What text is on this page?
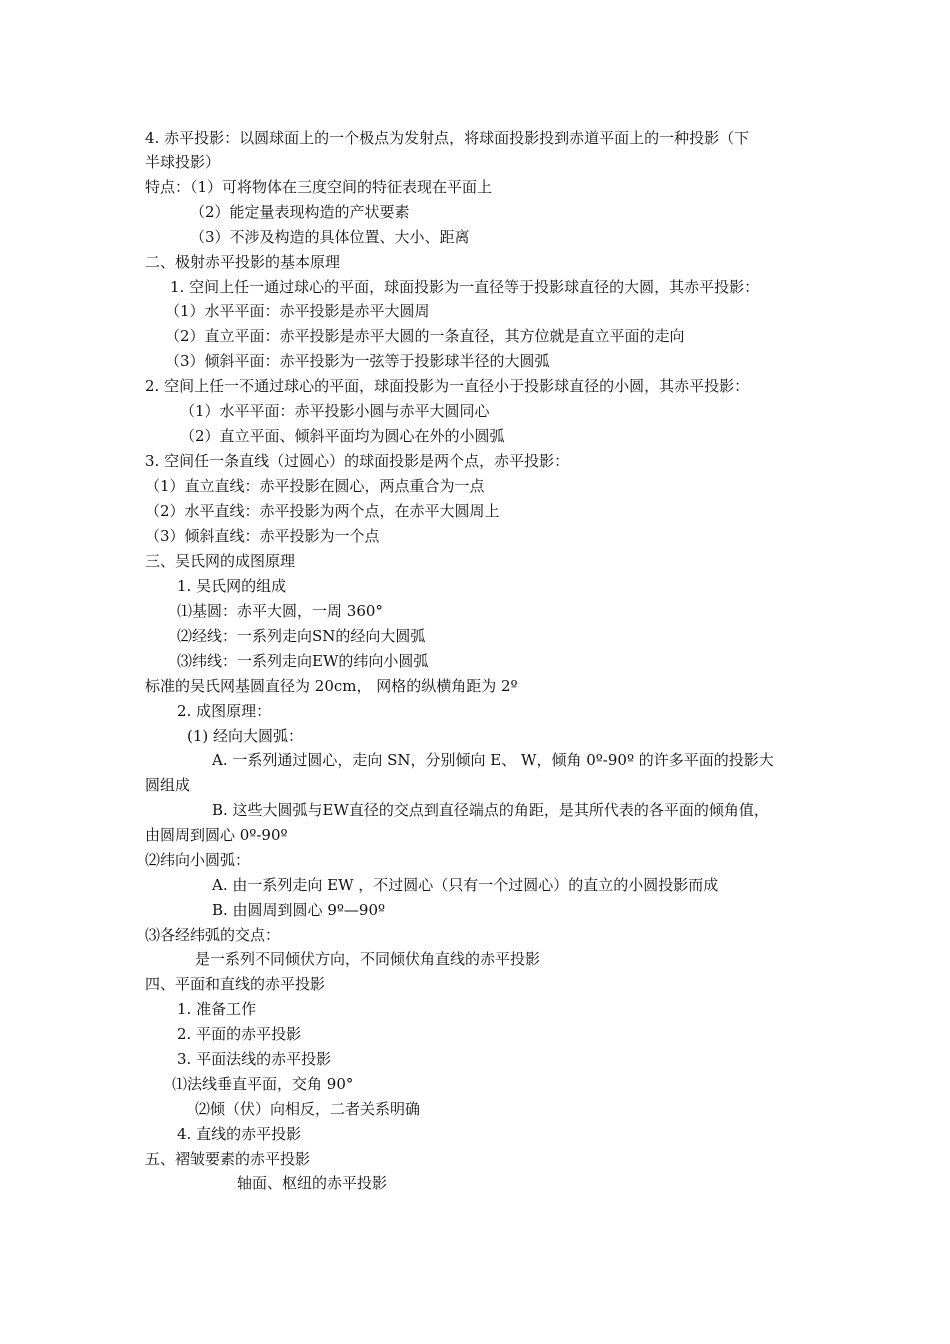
4. 赤平投影：以圆球面上的一个极点为发射点，将球面投影投到赤道平面上的一种投影（下
半球投影）
特点：（1）可将物体在三度空间的特征表现在平面上
（2）能定量表现构造的产状要素
（3）不涉及构造的具体位置、大小、距离
二、极射赤平投影的基本原理
1. 空间上任一通过球心的平面，球面投影为一直径等于投影球直径的大圆，其赤平投影：
（1）水平平面：赤平投影是赤平大圆周
（2）直立平面：赤平投影是赤平大圆的一条直径，其方位就是直立平面的走向
（3）倾斜平面：赤平投影为一弦等于投影球半径的大圆弧
2. 空间上任一不通过球心的平面，球面投影为一直径小于投影球直径的小圆，其赤平投影：
（1）水平平面：赤平投影小圆与赤平大圆同心
（2）直立平面、倾斜平面均为圆心在外的小圆弧
3. 空间任一条直线（过圆心）的球面投影是两个点，赤平投影：
（1）直立直线：赤平投影在圆心，两点重合为一点
（2）水平直线：赤平投影为两个点，在赤平大圆周上
（3）倾斜直线：赤平投影为一个点
三、吴氏网的成图原理
1. 吴氏网的组成
⑴基圆：赤平大圆，一周 360°
⑵经线：一系列走向SN的经向大圆弧
⑶纬线：一系列走向EW的纬向小圆弧
标准的吴氏网基圆直径为 20cm， 网格的纵横角距为 2º
2. 成图原理：
(1) 经向大圆弧：
A. 一系列通过圆心，走向 SN，分别倾向 E、 W，倾角 0º-90º 的许多平面的投影大
圆组成
B. 这些大圆弧与EW直径的交点到直径端点的角距，是其所代表的各平面的倾角值，
由圆周到圆心 0º-90º
⑵纬向小圆弧：
A. 由一系列走向 EW ，不过圆心（只有一个过圆心）的直立的小圆投影而成
B. 由圆周到圆心 9º—90º
⑶各经纬弧的交点：
是一系列不同倾伏方向，不同倾伏角直线的赤平投影
四、平面和直线的赤平投影
1. 准备工作
2. 平面的赤平投影
3. 平面法线的赤平投影
⑴法线垂直平面，交角 90°
⑵倾（伏）向相反，二者关系明确
4. 直线的赤平投影
五、褶皱要素的赤平投影
轴面、枢纽的赤平投影
